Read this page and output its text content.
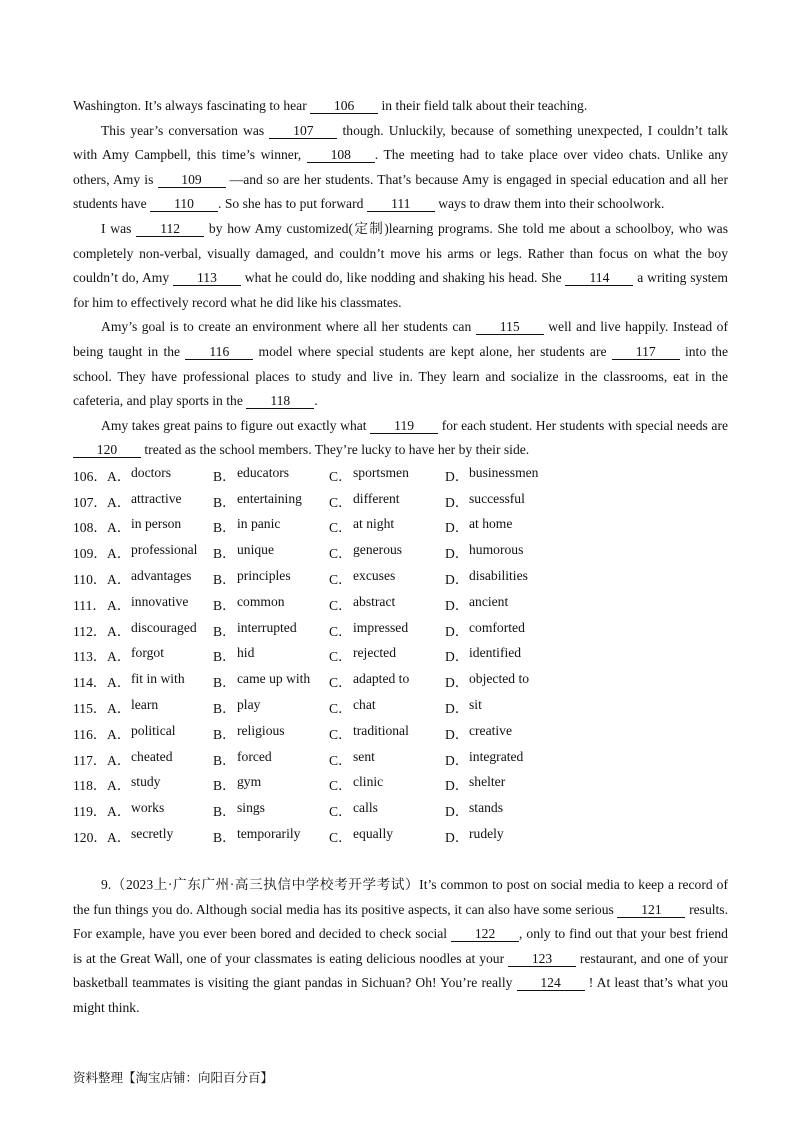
Washington. It’s always fascinating to hear 106 in their field talk about their teaching.

This year’s conversation was 107 though. Unluckily, because of something unexpected, I couldn’t talk with Amy Campbell, this time’s winner, 108 . The meeting had to take place over video chats. Unlike any others, Amy is 109 —and so are her students. That’s because Amy is engaged in special education and all her students have 110 . So she has to put forward 111 ways to draw them into their schoolwork.

I was 112 by how Amy customized(定制)learning programs. She told me about a schoolboy, who was completely non-verbal, visually damaged, and couldn’t move his arms or legs. Rather than focus on what the boy couldn’t do, Amy 113 what he could do, like nodding and shaking his head. She 114 a writing system for him to effectively record what he did like his classmates.

Amy’s goal is to create an environment where all her students can 115 well and live happily. Instead of being taught in the 116 model where special students are kept alone, her students are 117 into the school. They have professional places to study and live in. They learn and socialize in the classrooms, eat in the cafeteria, and play sports in the 118 .

Amy takes great pains to figure out exactly what 119 for each student. Her students with special needs are 120 treated as the school members. They’re lucky to have her by their side.

106． A． doctors	B． educators	C． sportsmen	D． businessmen
107． A． attractive B． entertaining C． different	D． successful
108． A． in person B． in panic	C． at night	D． at home
109． A． professional B． unique	C． generous	D． humorous
110． A． advantages B． principles	C． excuses	D． disabilities
111． A． innovative B． common	C． abstract	D． ancient
112． A． discouraged B． interrupted C． impressed	D． comforted
113． A． forgot	B． hid	C． rejected	D． identified
114． A． fit in with B． came up with C． adapted to	D． objected to
115． A． learn	B． play	C． chat	D． sit
116． A． political	B． religious	C． traditional	D． creative
117． A． cheated	B． forced	C． sent	D． integrated
118． A． study	B． gym	C． clinic	D． shelter
119． A． works	B． sings	C． calls	D． stands
120． A． secretly	B． temporarily C． equally	D． rudely

9.（2023上·广东广州·高三执信中学校考开学考试）It’s common to post on social media to keep a record of the fun things you do. Although social media has its positive aspects, it can also have some serious 121 results. For example, have you ever been bored and decided to check social 122 , only to find out that your best friend is at the Great Wall, one of your classmates is eating delicious noodles at your 123 restaurant, and one of your basketball teammates is visiting the giant pandas in Sichuan? Oh! You’re really 124 ! At least that’s what you might think.

资料整理【淘宝店铺：向阳百分百】
